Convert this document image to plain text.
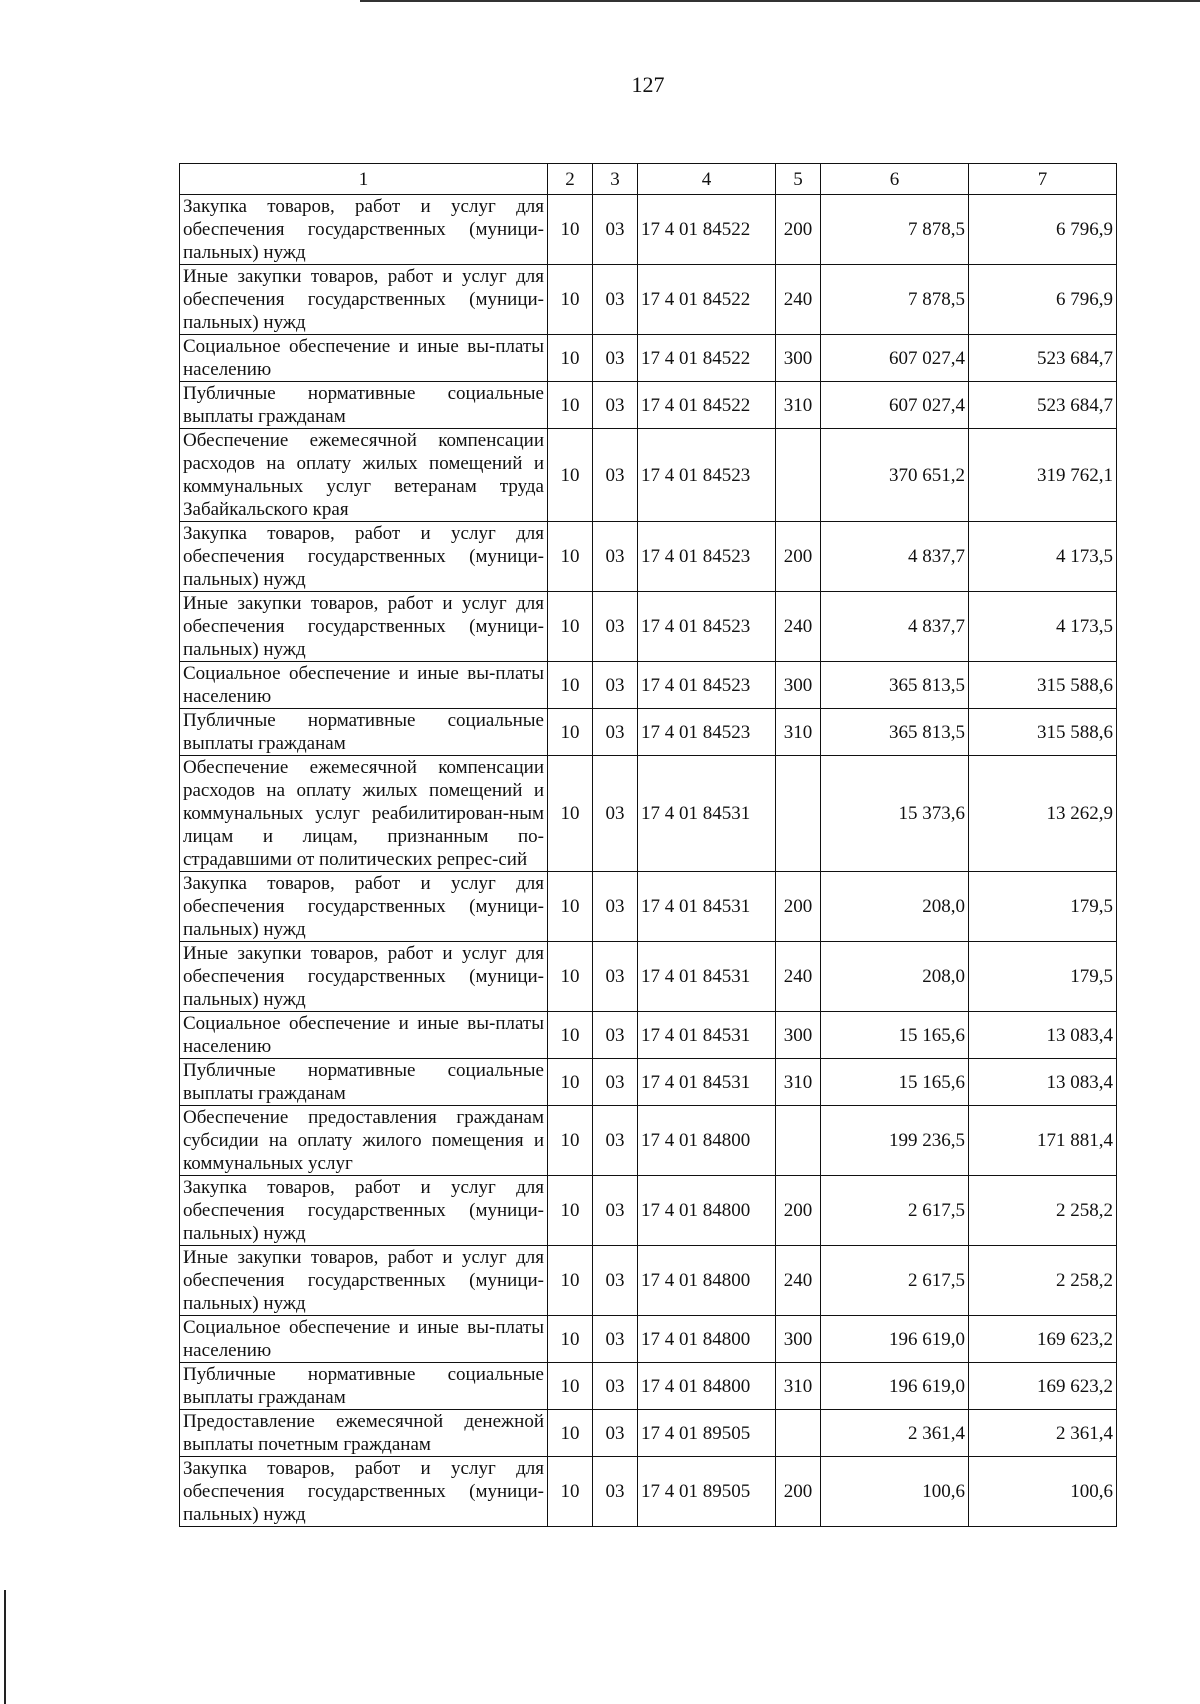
127
1	2	3	4	5	6	7
Закупка товаров, работ и услуг для обеспечения государственных (муници-пальных) нужд	10	03	17 4 01 84522	200	7 878,5	6 796,9
Иные закупки товаров, работ и услуг для обеспечения государственных (муници-пальных) нужд	10	03	17 4 01 84522	240	7 878,5	6 796,9
Социальное обеспечение и иные вы-платы населению	10	03	17 4 01 84522	300	607 027,4	523 684,7
Публичные нормативные социальные выплаты гражданам	10	03	17 4 01 84522	310	607 027,4	523 684,7
Обеспечение ежемесячной компенсации расходов на оплату жилых помещений и коммунальных услуг ветеранам труда Забайкальского края	10	03	17 4 01 84523		370 651,2	319 762,1
Закупка товаров, работ и услуг для обеспечения государственных (муници-пальных) нужд	10	03	17 4 01 84523	200	4 837,7	4 173,5
Иные закупки товаров, работ и услуг для обеспечения государственных (муници-пальных) нужд	10	03	17 4 01 84523	240	4 837,7	4 173,5
Социальное обеспечение и иные вы-платы населению	10	03	17 4 01 84523	300	365 813,5	315 588,6
Публичные нормативные социальные выплаты гражданам	10	03	17 4 01 84523	310	365 813,5	315 588,6
Обеспечение ежемесячной компенсации расходов на оплату жилых помещений и коммунальных услуг реабилитирован-ным лицам и лицам, признанным по-страдавшими от политических репрес-сий	10	03	17 4 01 84531		15 373,6	13 262,9
Закупка товаров, работ и услуг для обеспечения государственных (муници-пальных) нужд	10	03	17 4 01 84531	200	208,0	179,5
Иные закупки товаров, работ и услуг для обеспечения государственных (муници-пальных) нужд	10	03	17 4 01 84531	240	208,0	179,5
Социальное обеспечение и иные вы-платы населению	10	03	17 4 01 84531	300	15 165,6	13 083,4
Публичные нормативные социальные выплаты гражданам	10	03	17 4 01 84531	310	15 165,6	13 083,4
Обеспечение предоставления гражданам субсидии на оплату жилого помещения и коммунальных услуг	10	03	17 4 01 84800		199 236,5	171 881,4
Закупка товаров, работ и услуг для обеспечения государственных (муници-пальных) нужд	10	03	17 4 01 84800	200	2 617,5	2 258,2
Иные закупки товаров, работ и услуг для обеспечения государственных (муници-пальных) нужд	10	03	17 4 01 84800	240	2 617,5	2 258,2
Социальное обеспечение и иные вы-платы населению	10	03	17 4 01 84800	300	196 619,0	169 623,2
Публичные нормативные социальные выплаты гражданам	10	03	17 4 01 84800	310	196 619,0	169 623,2
Предоставление ежемесячной денежной выплаты почетным гражданам	10	03	17 4 01 89505		2 361,4	2 361,4
Закупка товаров, работ и услуг для обеспечения государственных (муници-пальных) нужд	10	03	17 4 01 89505	200	100,6	100,6
